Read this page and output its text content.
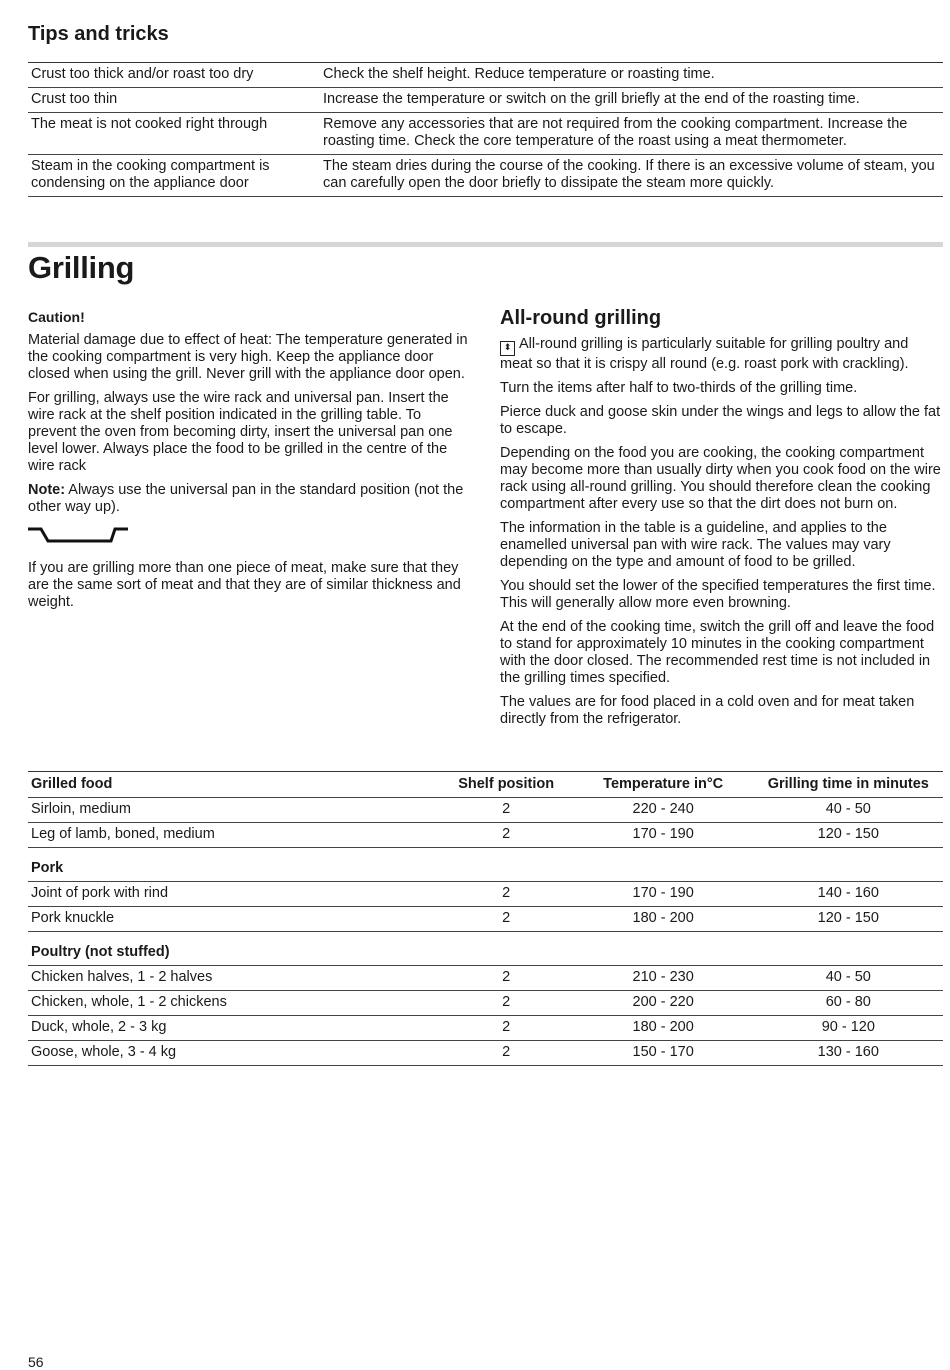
Tips and tricks
Crust too thick and/or roast too dry	Check the shelf height. Reduce temperature or roasting time.
Crust too thin	Increase the temperature or switch on the grill briefly at the end of the roasting time.
The meat is not cooked right through	Remove any accessories that are not required from the cooking compartment. Increase the roasting time. Check the core temperature of the roast using a meat thermometer.
Steam in the cooking compartment is condensing on the appliance door	The steam dries during the course of the cooking. If there is an excessive volume of steam, you can carefully open the door briefly to dissipate the steam more quickly.
Grilling

Caution!

Material damage due to effect of heat: The temperature generated in the cooking compartment is very high. Keep the appliance door closed when using the grill. Never grill with the appliance door open.

For grilling, always use the wire rack and universal pan. Insert the wire rack at the shelf position indicated in the grilling table. To prevent the oven from becoming dirty, insert the universal pan one level lower. Always place the food to be grilled in the centre of the wire rack

Note: Always use the universal pan in the standard position (not the other way up).

If you are grilling more than one piece of meat, make sure that they are the same sort of meat and that they are of similar thickness and weight.

All-round grilling

⬍ All-round grilling is particularly suitable for grilling poultry and meat so that it is crispy all round (e.g. roast pork with crackling).

Turn the items after half to two-thirds of the grilling time.

Pierce duck and goose skin under the wings and legs to allow the fat to escape.

Depending on the food you are cooking, the cooking compartment may become more than usually dirty when you cook food on the wire rack using all-round grilling. You should therefore clean the cooking compartment after every use so that the dirt does not burn on.

The information in the table is a guideline, and applies to the enamelled universal pan with wire rack. The values may vary depending on the type and amount of food to be grilled.

You should set the lower of the specified temperatures the first time. This will generally allow more even browning.

At the end of the cooking time, switch the grill off and leave the food to stand for approximately 10 minutes in the cooking compartment with the door closed. The recommended rest time is not included in the grilling times specified.

The values are for food placed in a cold oven and for meat taken directly from the refrigerator.

Grilled food	Shelf position	Temperature in°C	Grilling time in minutes
Sirloin, medium	2	220 - 240	40 - 50
Leg of lamb, boned, medium	2	170 - 190	120 - 150
Pork			
Joint of pork with rind	2	170 - 190	140 - 160
Pork knuckle	2	180 - 200	120 - 150
Poultry (not stuffed)			
Chicken halves, 1 - 2 halves	2	210 - 230	40 - 50
Chicken, whole, 1 - 2 chickens	2	200 - 220	60 - 80
Duck, whole, 2 - 3 kg	2	180 - 200	90 - 120
Goose, whole, 3 - 4 kg	2	150 - 170	130 - 160
56
